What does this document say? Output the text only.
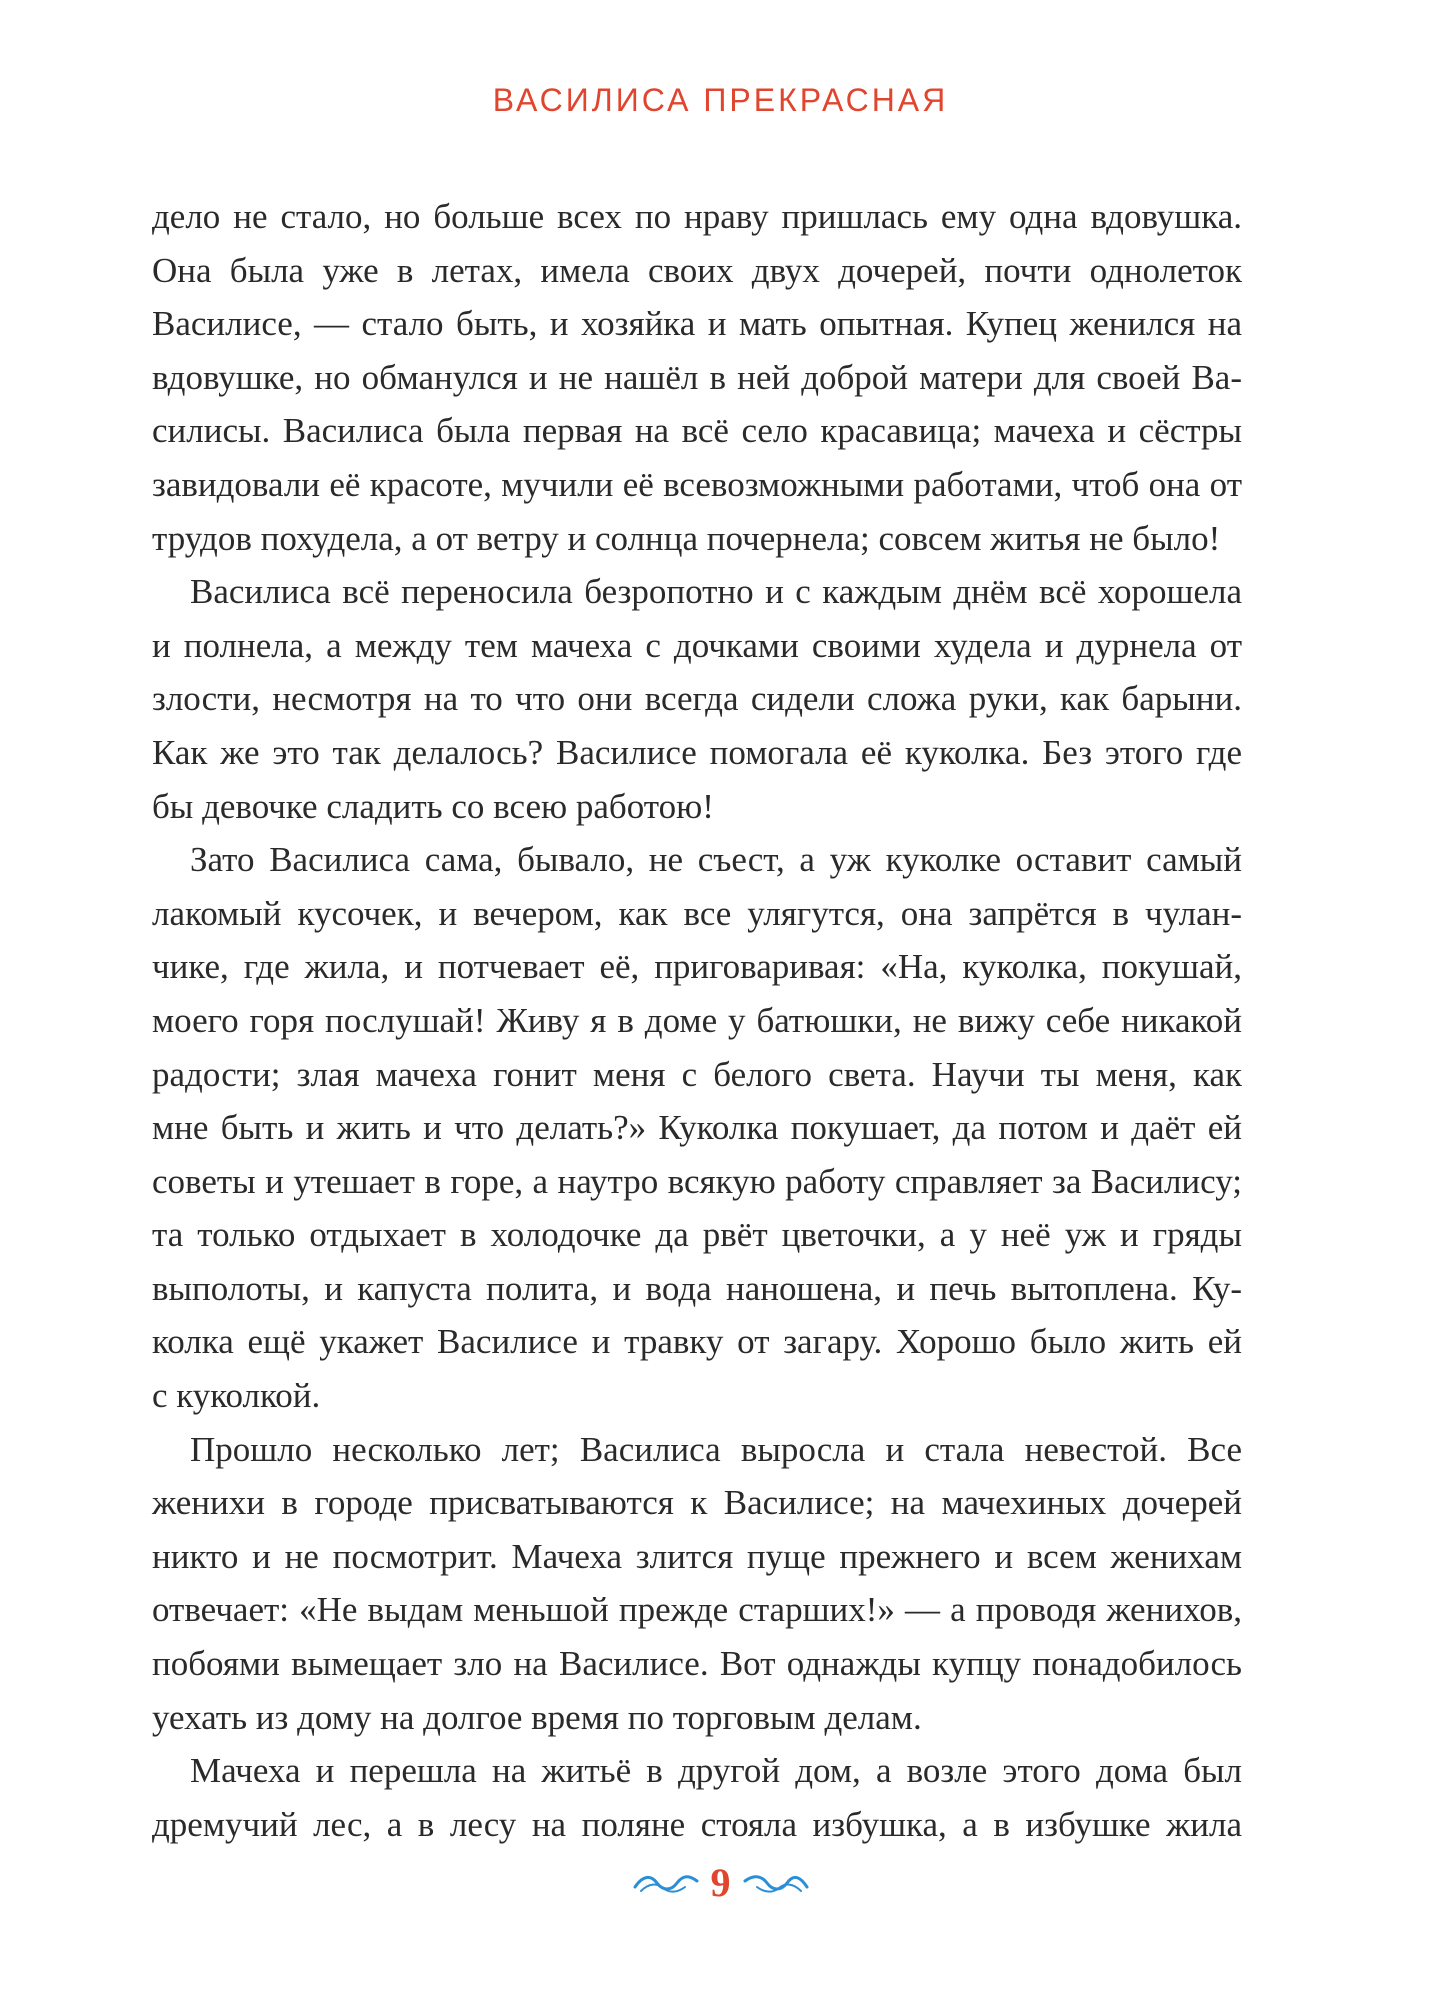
ВАСИЛИСА ПРЕКРАСНАЯ
дело не стало, но больше всех по нраву пришлась ему одна вдовушка.
Она была уже в летах, имела своих двух дочерей, почти однолеток
Василисе, — стало быть, и хозяйка и мать опытная. Купец женился на
вдовушке, но обманулся и не нашёл в ней доброй матери для своей Ва-
силисы. Василиса была первая на всё село красавица; мачеха и сёстры
завидовали её красоте, мучили её всевозможными работами, чтоб она от
трудов похудела, а от ветру и солнца почернела; совсем житья не было!
Василиса всё переносила безропотно и с каждым днём всё хорошела
и полнела, а между тем мачеха с дочками своими худела и дурнела от
злости, несмотря на то что они всегда сидели сложа руки, как барыни.
Как же это так делалось? Василисе помогала её куколка. Без этого где
бы девочке сладить со всею работою!
Зато Василиса сама, бывало, не съест, а уж куколке оставит самый
лакомый кусочек, и вечером, как все улягутся, она запрётся в чулан-
чике, где жила, и потчевает её, приговаривая: «На, куколка, покушай,
моего горя послушай! Живу я в доме у батюшки, не вижу себе никакой
радости; злая мачеха гонит меня с белого света. Научи ты меня, как
мне быть и жить и что делать?» Куколка покушает, да потом и даёт ей
советы и утешает в горе, а наутро всякую работу справляет за Василису;
та только отдыхает в холодочке да рвёт цветочки, а у неё уж и гряды
выполоты, и капуста полита, и вода наношена, и печь вытоплена. Ку-
колка ещё укажет Василисе и травку от загару. Хорошо было жить ей
с куколкой.
Прошло несколько лет; Василиса выросла и стала невестой. Все
женихи в городе присватываются к Василисе; на мачехиных дочерей
никто и не посмотрит. Мачеха злится пуще прежнего и всем женихам
отвечает: «Не выдам меньшой прежде старших!» — а проводя женихов,
побоями вымещает зло на Василисе. Вот однажды купцу понадобилось
уехать из дому на долгое время по торговым делам.
Мачеха и перешла на житьё в другой дом, а возле этого дома был
дремучий лес, а в лесу на поляне стояла избушка, а в избушке жила
9
